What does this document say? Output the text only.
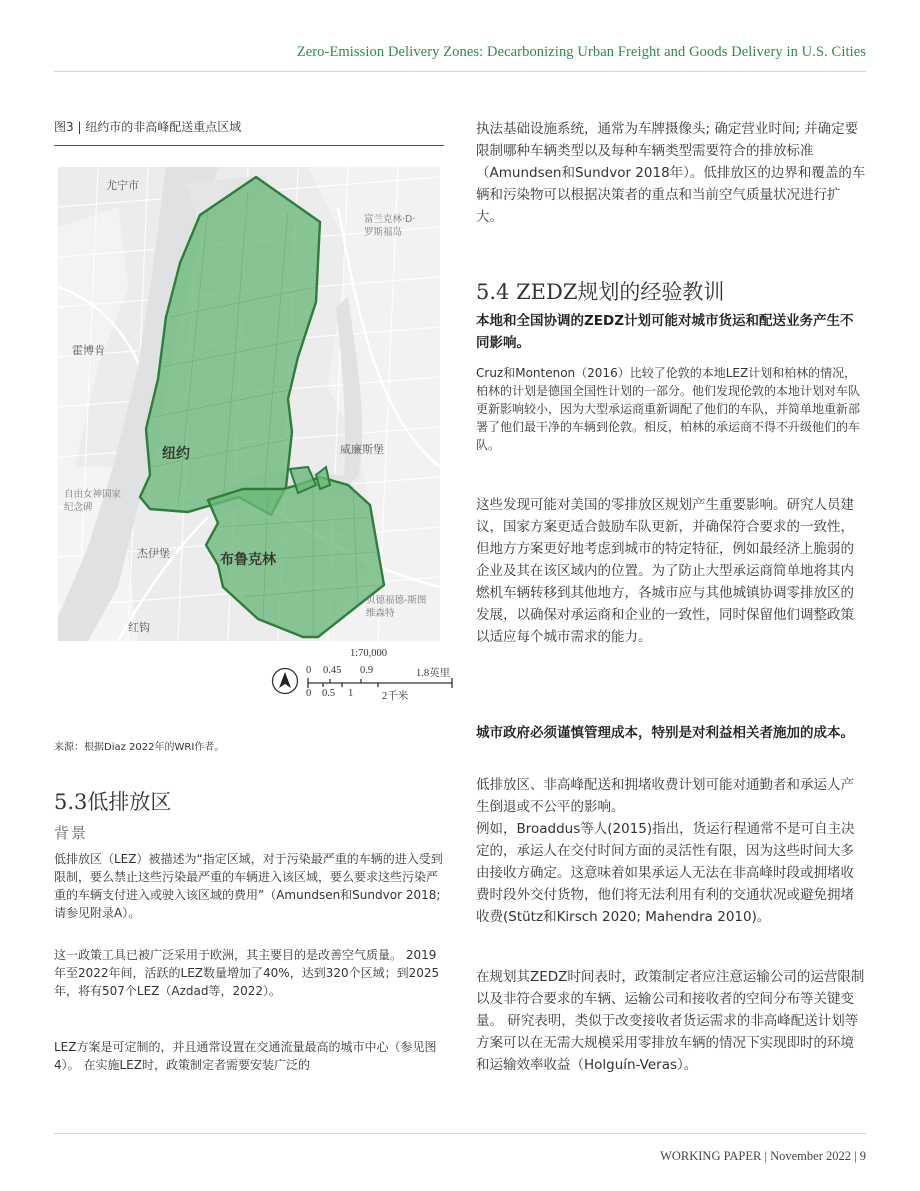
Zero-Emission Delivery Zones: Decarbonizing Urban Freight and Goods Delivery in U.S. Cities
图3 | 纽约市的非高峰配送重点区域
尤宁市
富兰克林·D·罗斯福岛
霍博肯
纽约	威廉斯堡
自由女神国家纪念碑
杰伊堡	布鲁克林
贝德福德-斯图维森特
红钩
1:70,000
0 0.45 0.9	1.8英里
0 0.5 1	2千米
来源：根据Diaz 2022年的WRI作者。
5.3低排放区
背景

低排放区（LEZ）被描述为“指定区域，对于污染最严重的车辆的进入受到限制，要么禁止这些污染最严重的车辆进入该区域，要么要求这些污染严重的车辆支付进入或驶入该区域的费用”（Amundsen和Sundvor 2018; 请参见附录A）。

这一政策工具已被广泛采用于欧洲，其主要目的是改善空气质量。 2019年至2022年间，活跃的LEZ数量增加了40%，达到320个区域；到2025年，将有507个LEZ（Azdad等，2022）。

LEZ方案是可定制的，并且通常设置在交通流量最高的城市中心（参见图4）。 在实施LEZ时，政策制定者需要安装广泛的

执法基础设施系统，通常为车牌摄像头; 确定营业时间; 并确定要限制哪种车辆类型以及每种车辆类型需要符合的排放标准（Amundsen和Sundvor 2018年）。低排放区的边界和覆盖的车辆和污染物可以根据决策者的重点和当前空气质量状况进行扩大。

5.4 ZEDZ规划的经验教训

本地和全国协调的ZEDZ计划可能对城市货运和配送业务产生不同影响。

Cruz和Montenon（2016）比较了伦敦的本地LEZ计划和柏林的情况，柏林的计划是德国全国性计划的一部分。他们发现伦敦的本地计划对车队更新影响较小，因为大型承运商重新调配了他们的车队，并简单地重新部署了他们最干净的车辆到伦敦。相反，柏林的承运商不得不升级他们的车队。

这些发现可能对美国的零排放区规划产生重要影响。研究人员建议，国家方案更适合鼓励车队更新，并确保符合要求的一致性，但地方方案更好地考虑到城市的特定特征，例如最经济上脆弱的企业及其在该区域内的位置。为了防止大型承运商简单地将其内燃机车辆转移到其他地方，各城市应与其他城镇协调零排放区的发展，以确保对承运商和企业的一致性，同时保留他们调整政策以适应每个城市需求的能力。

城市政府必须谨慎管理成本，特别是对利益相关者施加的成本。

低排放区、非高峰配送和拥堵收费计划可能对通勤者和承运人产生倒退或不公平的影响。

例如，Broaddus等人(2015)指出，货运行程通常不是可自主决定的，承运人在交付时间方面的灵活性有限，因为这些时间大多由接收方确定。这意味着如果承运人无法在非高峰时段或拥堵收费时段外交付货物，他们将无法利用有利的交通状况或避免拥堵收费(Stütz和Kirsch 2020; Mahendra 2010)。

在规划其ZEDZ时间表时，政策制定者应注意运输公司的运营限制以及非符合要求的车辆、运输公司和接收者的空间分布等关键变量。 研究表明，类似于改变接收者货运需求的非高峰配送计划等方案可以在无需大规模采用零排放车辆的情况下实现即时的环境和运输效率收益（Holguín-Veras）。

WORKING PAPER | November 2022 | 9
